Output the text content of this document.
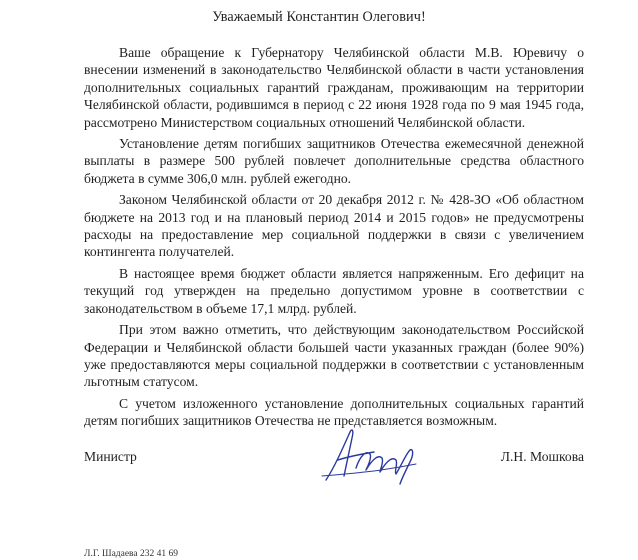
Уважаемый Константин Олегович!

Ваше обращение к Губернатору Челябинской области М.В. Юревичу о внесении изменений в законодательство Челябинской области в части установления дополнительных социальных гарантий гражданам, проживающим на территории Челябинской области, родившимся в период с 22 июня 1928 года по 9 мая 1945 года, рассмотрено Министерством социальных отношений Челябинской области.

Установление детям погибших защитников Отечества ежемесячной денежной выплаты в размере 500 рублей повлечет дополнительные средства областного бюджета в сумме 306,0 млн. рублей ежегодно.

Законом Челябинской области от 20 декабря 2012 г. № 428-ЗО «Об областном бюджете на 2013 год и на плановый период 2014 и 2015 годов» не предусмотрены расходы на предоставление мер социальной поддержки в связи с увеличением контингента получателей.

В настоящее время бюджет области является напряженным. Его дефицит на текущий год утвержден на предельно допустимом уровне в соответствии с законодательством в объеме 17,1 млрд. рублей.

При этом важно отметить, что действующим законодательством Российской Федерации и Челябинской области большей части указанных граждан (более 90%) уже предоставляются меры социальной поддержки в соответствии с установленным льготным статусом.

С учетом изложенного установление дополнительных социальных гарантий детям погибших защитников Отечества не представляется возможным.

Министр	Л.Н. Мошкова
Л.Г. Шадаева 232 41 69
